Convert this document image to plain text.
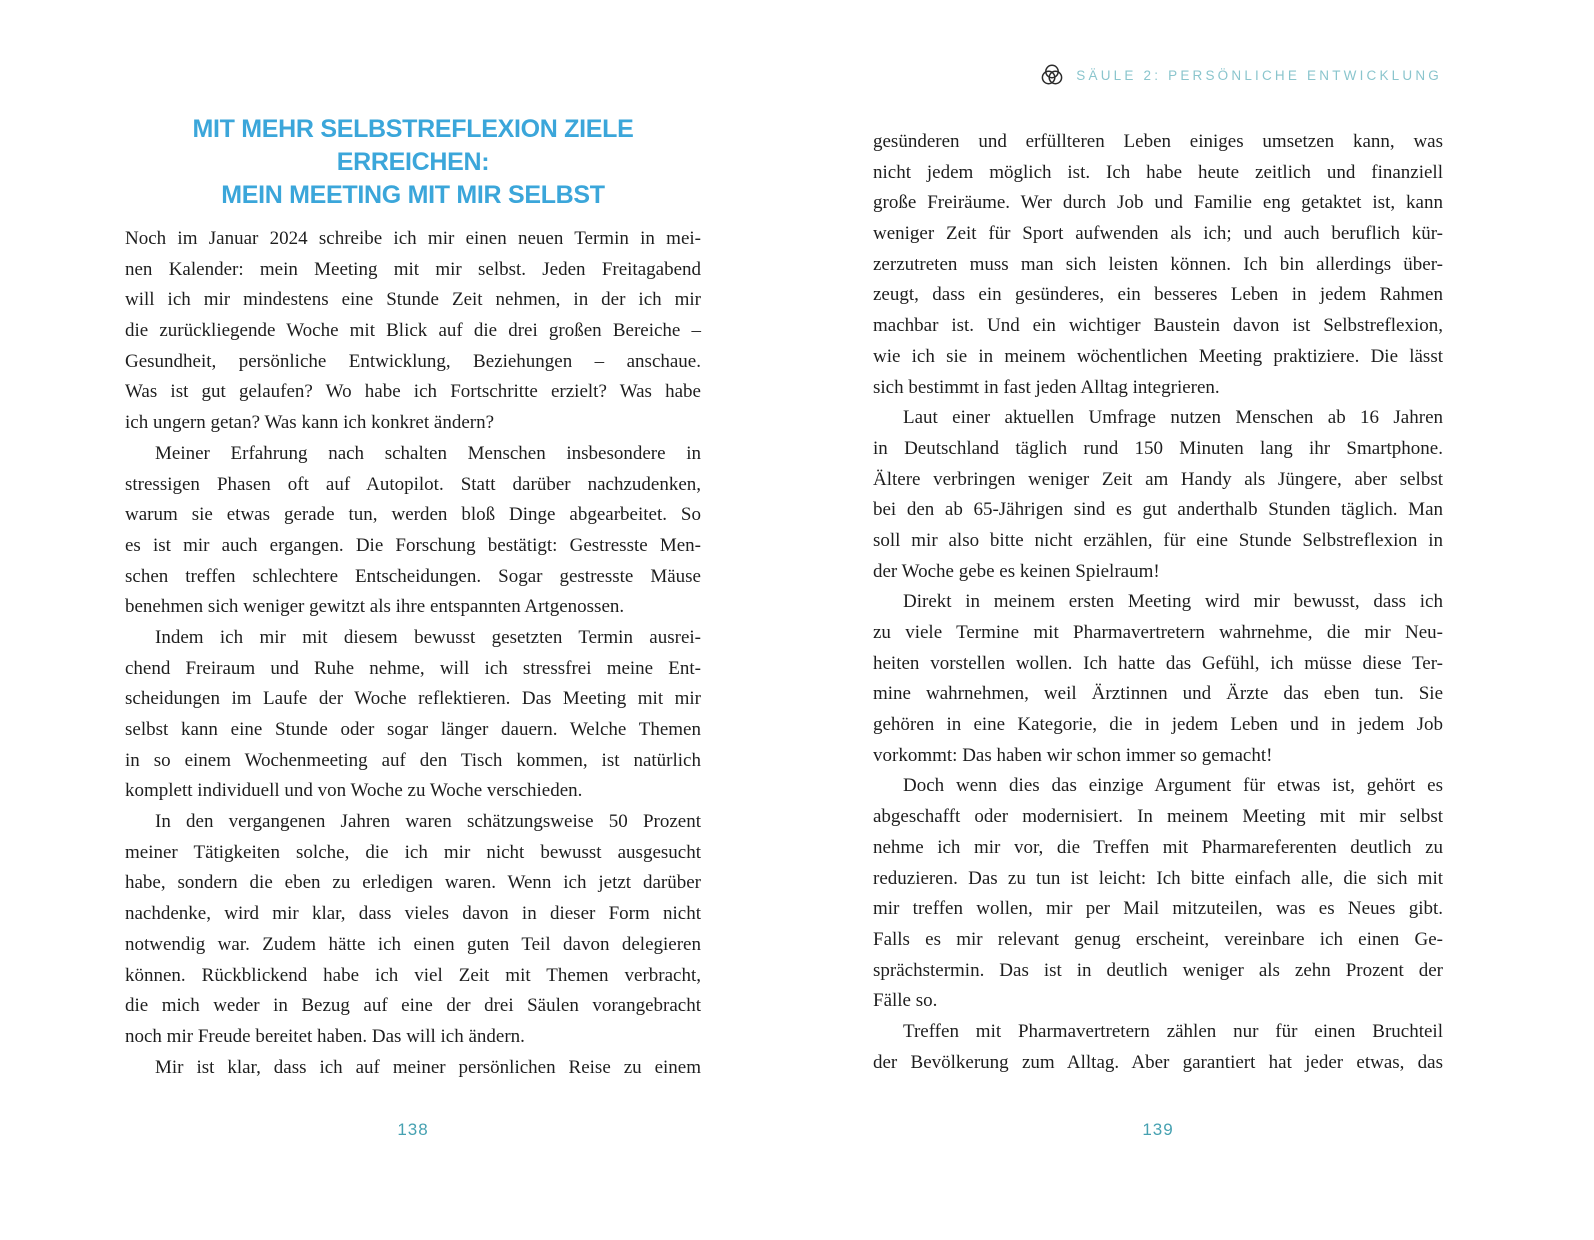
SÄULE 2: PERSÖNLICHE ENTWICKLUNG
MIT MEHR SELBSTREFLEXION ZIELE ERREICHEN:
MEIN MEETING MIT MIR SELBST
Noch im Januar 2024 schreibe ich mir einen neuen Termin in mei-
nen Kalender: mein Meeting mit mir selbst. Jeden Freitagabend
will ich mir mindestens eine Stunde Zeit nehmen, in der ich mir
die zurückliegende Woche mit Blick auf die drei großen Bereiche –
Gesundheit, persönliche Entwicklung, Beziehungen – anschaue.
Was ist gut gelaufen? Wo habe ich Fortschritte erzielt? Was habe
ich ungern getan? Was kann ich konkret ändern?
Meiner Erfahrung nach schalten Menschen insbesondere in
stressigen Phasen oft auf Autopilot. Statt darüber nachzudenken,
warum sie etwas gerade tun, werden bloß Dinge abgearbeitet. So
es ist mir auch ergangen. Die Forschung bestätigt: Gestresste Men-
schen treffen schlechtere Entscheidungen. Sogar gestresste Mäuse
benehmen sich weniger gewitzt als ihre entspannten Artgenossen.
Indem ich mir mit diesem bewusst gesetzten Termin ausrei-
chend Freiraum und Ruhe nehme, will ich stressfrei meine Ent-
scheidungen im Laufe der Woche reflektieren. Das Meeting mit mir
selbst kann eine Stunde oder sogar länger dauern. Welche Themen
in so einem Wochenmeeting auf den Tisch kommen, ist natürlich
komplett individuell und von Woche zu Woche verschieden.
In den vergangenen Jahren waren schätzungsweise 50 Prozent
meiner Tätigkeiten solche, die ich mir nicht bewusst ausgesucht
habe, sondern die eben zu erledigen waren. Wenn ich jetzt darüber
nachdenke, wird mir klar, dass vieles davon in dieser Form nicht
notwendig war. Zudem hätte ich einen guten Teil davon delegieren
können. Rückblickend habe ich viel Zeit mit Themen verbracht,
die mich weder in Bezug auf eine der drei Säulen vorangebracht
noch mir Freude bereitet haben. Das will ich ändern.
Mir ist klar, dass ich auf meiner persönlichen Reise zu einem
gesünderen und erfüllteren Leben einiges umsetzen kann, was
nicht jedem möglich ist. Ich habe heute zeitlich und finanziell
große Freiräume. Wer durch Job und Familie eng getaktet ist, kann
weniger Zeit für Sport aufwenden als ich; und auch beruflich kür-
zerzutreten muss man sich leisten können. Ich bin allerdings über-
zeugt, dass ein gesünderes, ein besseres Leben in jedem Rahmen
machbar ist. Und ein wichtiger Baustein davon ist Selbstreflexion,
wie ich sie in meinem wöchentlichen Meeting praktiziere. Die lässt
sich bestimmt in fast jeden Alltag integrieren.
Laut einer aktuellen Umfrage nutzen Menschen ab 16 Jahren
in Deutschland täglich rund 150 Minuten lang ihr Smartphone.
Ältere verbringen weniger Zeit am Handy als Jüngere, aber selbst
bei den ab 65-Jährigen sind es gut anderthalb Stunden täglich. Man
soll mir also bitte nicht erzählen, für eine Stunde Selbstreflexion in
der Woche gebe es keinen Spielraum!
Direkt in meinem ersten Meeting wird mir bewusst, dass ich
zu viele Termine mit Pharmavertretern wahrnehme, die mir Neu-
heiten vorstellen wollen. Ich hatte das Gefühl, ich müsse diese Ter-
mine wahrnehmen, weil Ärztinnen und Ärzte das eben tun. Sie
gehören in eine Kategorie, die in jedem Leben und in jedem Job
vorkommt: Das haben wir schon immer so gemacht!
Doch wenn dies das einzige Argument für etwas ist, gehört es
abgeschafft oder modernisiert. In meinem Meeting mit mir selbst
nehme ich mir vor, die Treffen mit Pharmareferenten deutlich zu
reduzieren. Das zu tun ist leicht: Ich bitte einfach alle, die sich mit
mir treffen wollen, mir per Mail mitzuteilen, was es Neues gibt.
Falls es mir relevant genug erscheint, vereinbare ich einen Ge-
sprächstermin. Das ist in deutlich weniger als zehn Prozent der
Fälle so.
Treffen mit Pharmavertretern zählen nur für einen Bruchteil
der Bevölkerung zum Alltag. Aber garantiert hat jeder etwas, das
138	139
